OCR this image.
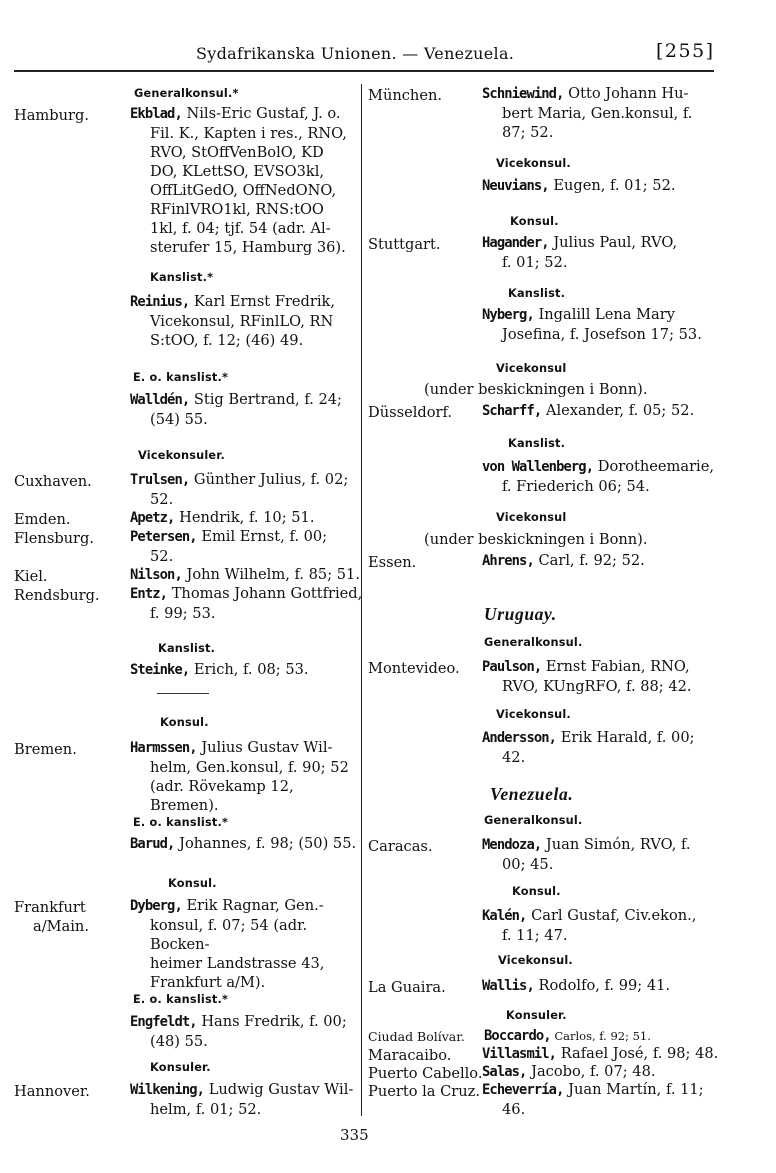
Sydafrikanska Unionen. — Venezuela.	[255]
Generalkonsul.*
Hamburg.	Ekblad, Nils-Eric Gustaf, J. o.
Fil. K., Kapten i res., RNO,
RVO, StOffVenBolO, KD
DO, KLettSO, EVSO3kl,
OffLitGedO, OffNedONO,
RFinlVRO1kl, RNS:tOO
1kl, f. 04; tjf. 54 (adr. Al-
sterufer 15, Hamburg 36).
Kanslist.*
Reinius, Karl Ernst Fredrik,
Vicekonsul, RFinlLO, RN
S:tOO, f. 12; (46) 49.
E. o. kanslist.*
Walldén, Stig Bertrand, f. 24;
(54) 55.
Vicekonsuler.
Cuxhaven.	Trulsen, Günther Julius, f. 02;
52.
Emden.	Apetz, Hendrik, f. 10; 51.
Flensburg.	Petersen, Emil Ernst, f. 00;
52.
Kiel.	Nilson, John Wilhelm, f. 85; 51.
Rendsburg. Entz, Thomas Johann Gottfried,
f. 99; 53.
Kanslist.
Steinke, Erich, f. 08; 53.
Konsul.
Bremen.	Harmssen, Julius Gustav Wil-
helm, Gen.konsul, f. 90; 52
(adr. Rövekamp 12, Bremen).
E. o. kanslist.*
Barud, Johannes, f. 98; (50) 55.
Konsul.
Frankfurt
a/Main.
Dyberg, Erik Ragnar, Gen.-
konsul, f. 07; 54 (adr. Bocken-
heimer Landstrasse 43,
Frankfurt a/M).
E. o. kanslist.*
Engfeldt, Hans Fredrik, f. 00;
(48) 55.
Konsuler.
Hannover.	Wilkening, Ludwig Gustav Wil-
helm, f. 01; 52.
München.	Schniewind, Otto Johann Hu-
bert Maria, Gen.konsul, f.
87; 52.
Vicekonsul.
Neuvians, Eugen, f. 01; 52.
Konsul.
Stuttgart.	Hagander, Julius Paul, RVO,
f. 01; 52.
Kanslist.
Nyberg, Ingalill Lena Mary
Josefina, f. Josefson 17; 53.
Vicekonsul
(under beskickningen i Bonn).
Düsseldorf. Scharff, Alexander, f. 05; 52.
Kanslist.
von Wallenberg, Dorotheemarie,
f. Friederich 06; 54.
Vicekonsul
(under beskickningen i Bonn).
Essen.	Ahrens, Carl, f. 92; 52.
Uruguay.
Generalkonsul.
Montevideo. Paulson, Ernst Fabian, RNO,
RVO, KUngRFO, f. 88; 42.
Vicekonsul.
Andersson, Erik Harald, f. 00;
42.
Venezuela.
Generalkonsul.
Caracas.	Mendoza, Juan Simón, RVO, f.
00; 45.
Konsul.
Kalén, Carl Gustaf, Civ.ekon.,
f. 11; 47.
Vicekonsul.
La Guaira.	Wallis, Rodolfo, f. 99; 41.
Konsuler.
Ciudad Bolívar. Boccardo, Carlos, f. 92; 51.
Maracaibo. Villasmil, Rafael José, f. 98; 48.
Puerto Cabello. Salas, Jacobo, f. 07; 48.
Puerto la Cruz. Echeverría, Juan Martín, f. 11;
46.
335
